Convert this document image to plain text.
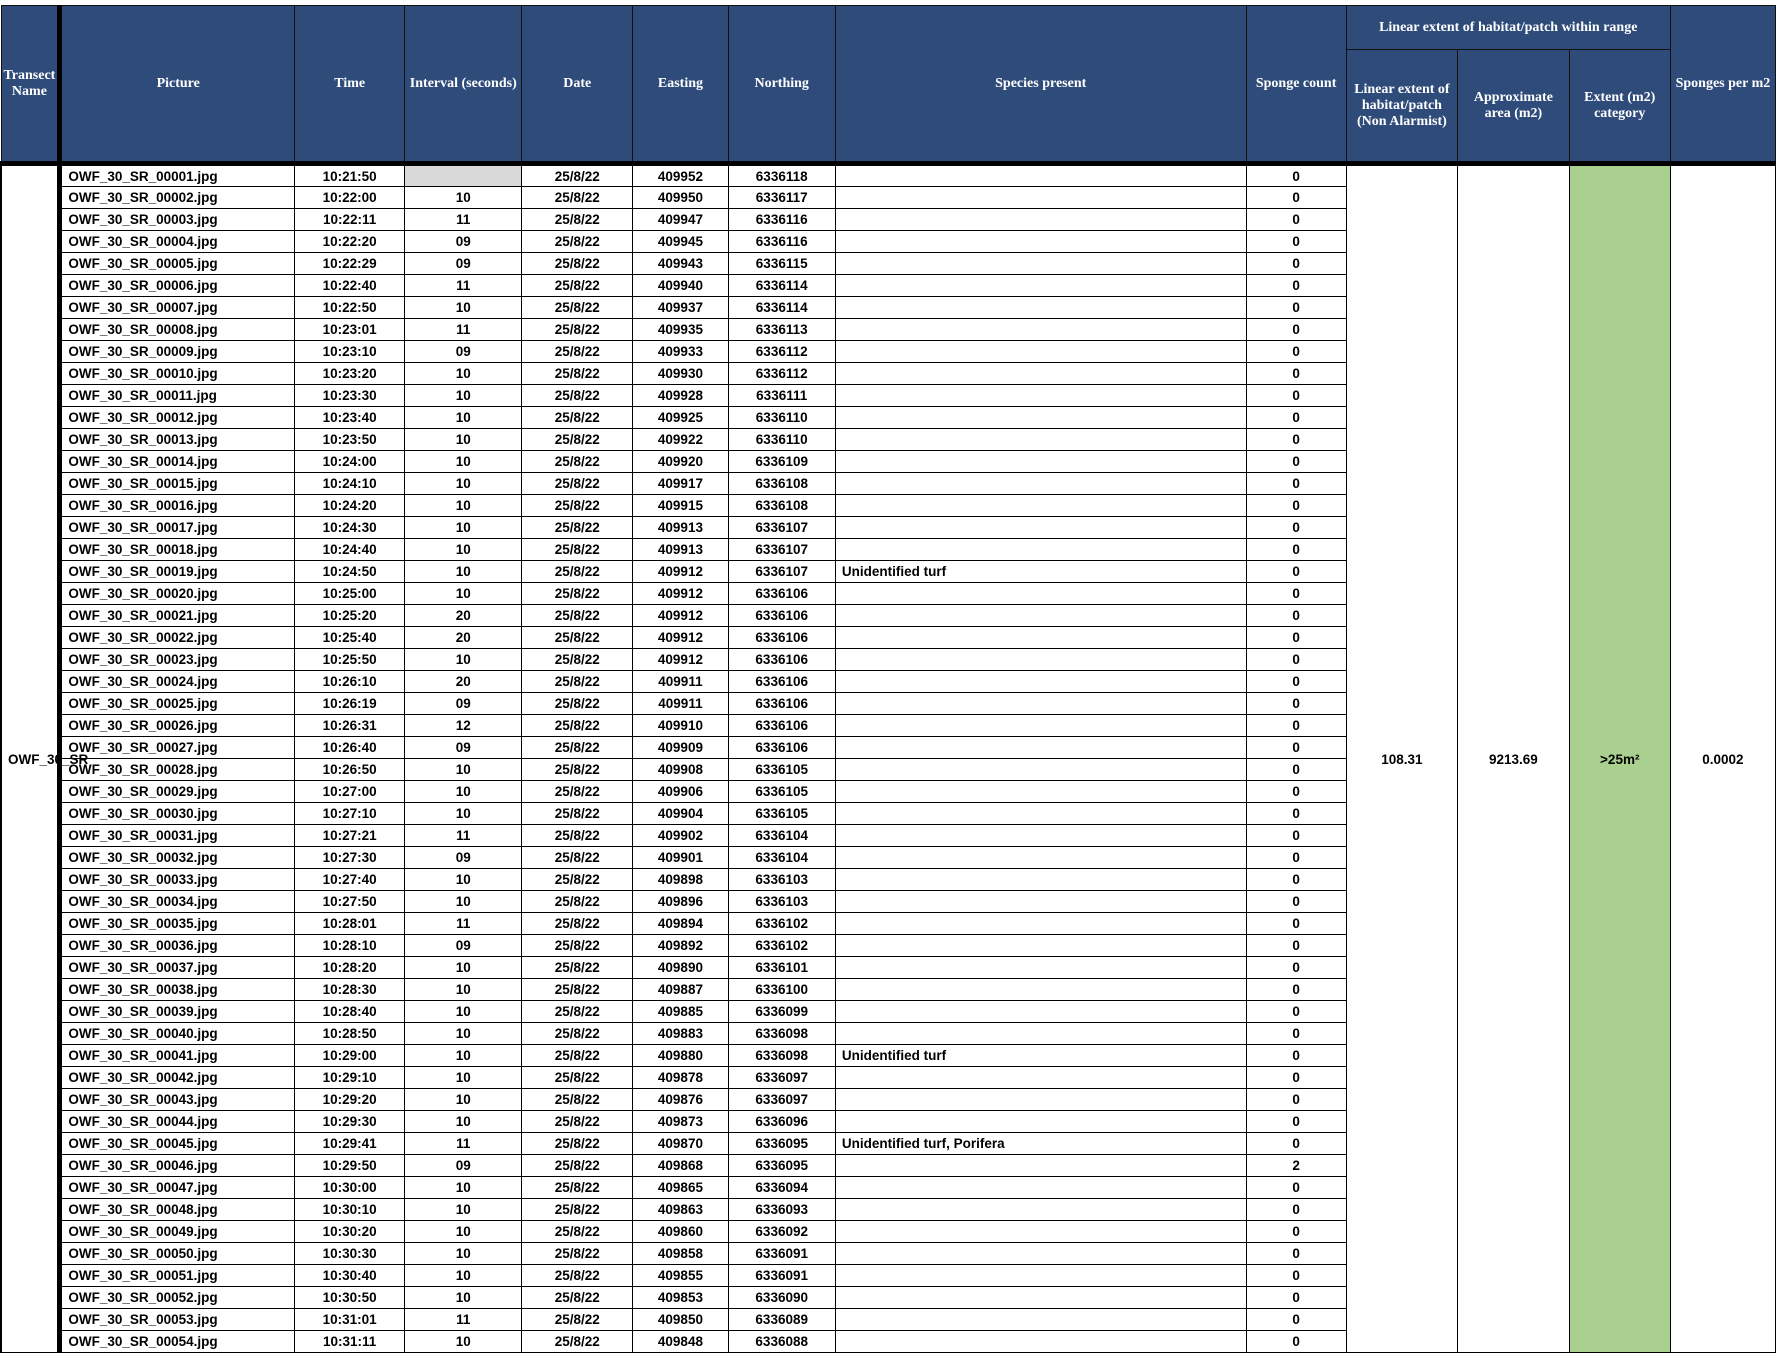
Transect Name	Picture	Time	Interval (seconds)	Date	Easting	Northing	Species present	Sponge count	Linear extent of habitat/patch within range			Sponges per m2
									Linear extent of habitat/patch (Non Alarmist)	Approximate area (m2)	Extent (m2) category	

OWF_30_SR	OWF_30_SR_00001.jpg	10:21:50		25/8/22	409952	6336118		0	108.31	9213.69	>25m²	0.0002
	OWF_30_SR_00002.jpg	10:22:00	10	25/8/22	409950	6336117		0				
	OWF_30_SR_00003.jpg	10:22:11	11	25/8/22	409947	6336116		0				
	OWF_30_SR_00004.jpg	10:22:20	09	25/8/22	409945	6336116		0				
	OWF_30_SR_00005.jpg	10:22:29	09	25/8/22	409943	6336115		0				
	OWF_30_SR_00006.jpg	10:22:40	11	25/8/22	409940	6336114		0				
	OWF_30_SR_00007.jpg	10:22:50	10	25/8/22	409937	6336114		0				
	OWF_30_SR_00008.jpg	10:23:01	11	25/8/22	409935	6336113		0				
	OWF_30_SR_00009.jpg	10:23:10	09	25/8/22	409933	6336112		0				
	OWF_30_SR_00010.jpg	10:23:20	10	25/8/22	409930	6336112		0				
	OWF_30_SR_00011.jpg	10:23:30	10	25/8/22	409928	6336111		0				
	OWF_30_SR_00012.jpg	10:23:40	10	25/8/22	409925	6336110		0				
	OWF_30_SR_00013.jpg	10:23:50	10	25/8/22	409922	6336110		0				
	OWF_30_SR_00014.jpg	10:24:00	10	25/8/22	409920	6336109		0				
	OWF_30_SR_00015.jpg	10:24:10	10	25/8/22	409917	6336108		0				
	OWF_30_SR_00016.jpg	10:24:20	10	25/8/22	409915	6336108		0				
	OWF_30_SR_00017.jpg	10:24:30	10	25/8/22	409913	6336107		0				
	OWF_30_SR_00018.jpg	10:24:40	10	25/8/22	409913	6336107		0				
	OWF_30_SR_00019.jpg	10:24:50	10	25/8/22	409912	6336107	Unidentified turf	0				
	OWF_30_SR_00020.jpg	10:25:00	10	25/8/22	409912	6336106		0				
	OWF_30_SR_00021.jpg	10:25:20	20	25/8/22	409912	6336106		0				
	OWF_30_SR_00022.jpg	10:25:40	20	25/8/22	409912	6336106		0				
	OWF_30_SR_00023.jpg	10:25:50	10	25/8/22	409912	6336106		0				
	OWF_30_SR_00024.jpg	10:26:10	20	25/8/22	409911	6336106		0				
	OWF_30_SR_00025.jpg	10:26:19	09	25/8/22	409911	6336106		0				
	OWF_30_SR_00026.jpg	10:26:31	12	25/8/22	409910	6336106		0				
	OWF_30_SR_00027.jpg	10:26:40	09	25/8/22	409909	6336106		0				
	OWF_30_SR_00028.jpg	10:26:50	10	25/8/22	409908	6336105		0				
	OWF_30_SR_00029.jpg	10:27:00	10	25/8/22	409906	6336105		0				
	OWF_30_SR_00030.jpg	10:27:10	10	25/8/22	409904	6336105		0				
	OWF_30_SR_00031.jpg	10:27:21	11	25/8/22	409902	6336104		0				
	OWF_30_SR_00032.jpg	10:27:30	09	25/8/22	409901	6336104		0				
	OWF_30_SR_00033.jpg	10:27:40	10	25/8/22	409898	6336103		0				
	OWF_30_SR_00034.jpg	10:27:50	10	25/8/22	409896	6336103		0				
	OWF_30_SR_00035.jpg	10:28:01	11	25/8/22	409894	6336102		0				
	OWF_30_SR_00036.jpg	10:28:10	09	25/8/22	409892	6336102		0				
	OWF_30_SR_00037.jpg	10:28:20	10	25/8/22	409890	6336101		0				
	OWF_30_SR_00038.jpg	10:28:30	10	25/8/22	409887	6336100		0				
	OWF_30_SR_00039.jpg	10:28:40	10	25/8/22	409885	6336099		0				
	OWF_30_SR_00040.jpg	10:28:50	10	25/8/22	409883	6336098		0				
	OWF_30_SR_00041.jpg	10:29:00	10	25/8/22	409880	6336098	Unidentified turf	0				
	OWF_30_SR_00042.jpg	10:29:10	10	25/8/22	409878	6336097		0				
	OWF_30_SR_00043.jpg	10:29:20	10	25/8/22	409876	6336097		0				
	OWF_30_SR_00044.jpg	10:29:30	10	25/8/22	409873	6336096		0				
	OWF_30_SR_00045.jpg	10:29:41	11	25/8/22	409870	6336095	Unidentified turf, Porifera	0				
	OWF_30_SR_00046.jpg	10:29:50	09	25/8/22	409868	6336095		2				
	OWF_30_SR_00047.jpg	10:30:00	10	25/8/22	409865	6336094		0				
	OWF_30_SR_00048.jpg	10:30:10	10	25/8/22	409863	6336093		0				
	OWF_30_SR_00049.jpg	10:30:20	10	25/8/22	409860	6336092		0				
	OWF_30_SR_00050.jpg	10:30:30	10	25/8/22	409858	6336091		0				
	OWF_30_SR_00051.jpg	10:30:40	10	25/8/22	409855	6336091		0				
	OWF_30_SR_00052.jpg	10:30:50	10	25/8/22	409853	6336090		0				
	OWF_30_SR_00053.jpg	10:31:01	11	25/8/22	409850	6336089		0				
	OWF_30_SR_00054.jpg	10:31:11	10	25/8/22	409848	6336088		0				
